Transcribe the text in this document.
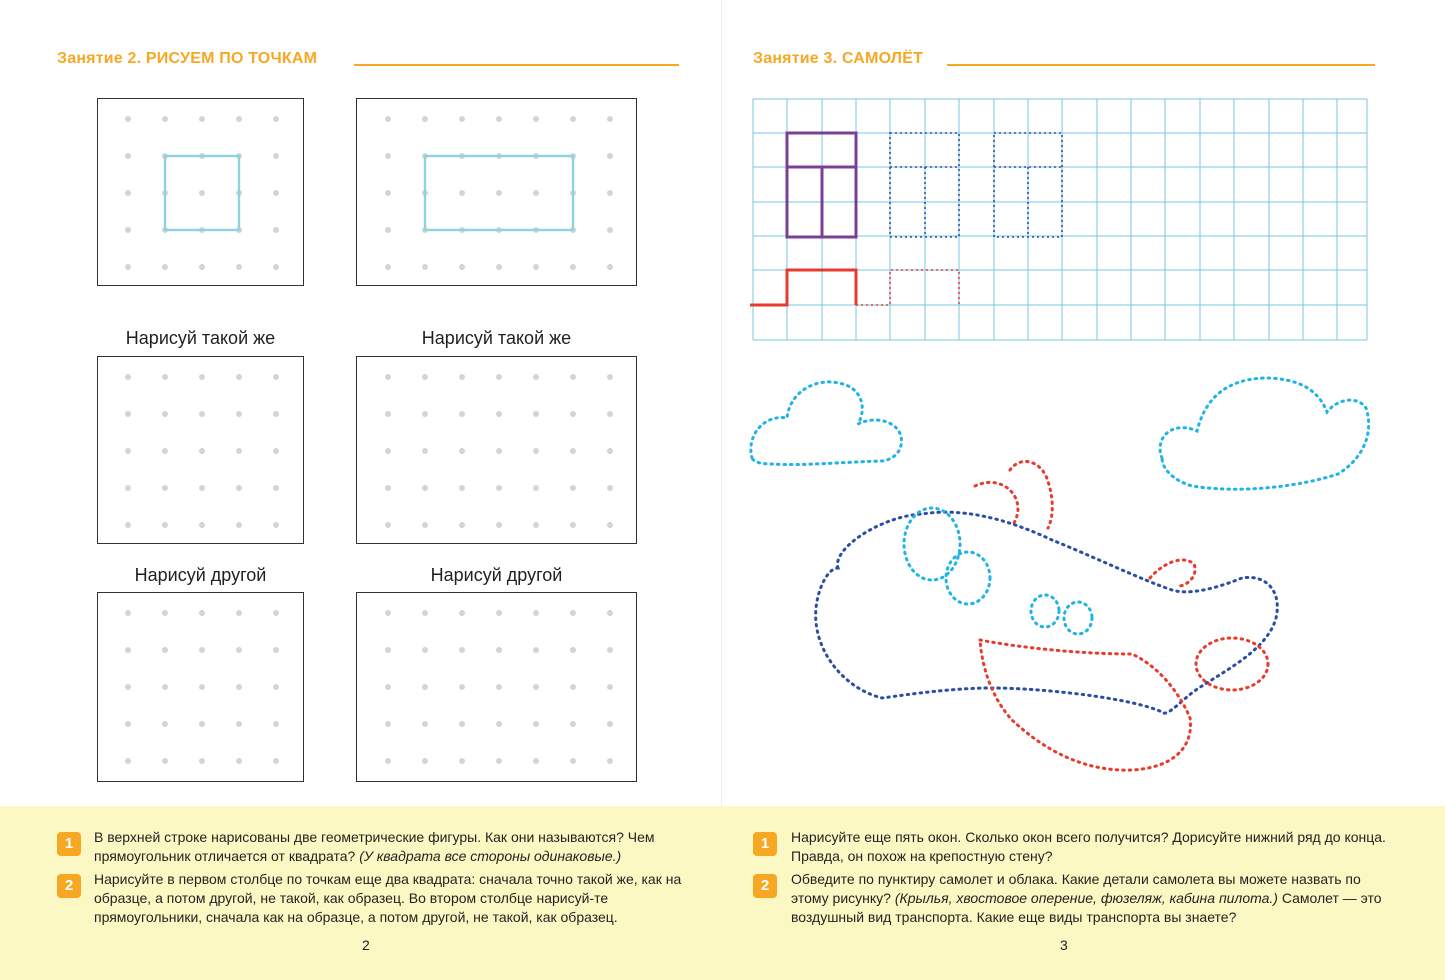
Занятие 2. РИСУЕМ ПО ТОЧКАМ
Нарисуй такой же	Нарисуй такой же
Нарисуй другой	Нарисуй другой
Занятие 3. САМОЛЁТ
1	В верхней строке нарисованы две геометрические фигуры. Как они называются? Чем прямоугольник отличается от квадрата? (У квадрата все стороны одинаковые.)
2	Нарисуйте в первом столбце по точкам еще два квадрата: сначала точно такой же, как на образце, а потом другой, не такой, как образец. Во втором столбце нарисуй-те прямоугольники, сначала как на образце, а потом другой, не такой, как образец.
1	Нарисуйте еще пять окон. Сколько окон всего получится? Дорисуйте нижний ряд до конца. Правда, он похож на крепостную стену?
2	Обведите по пунктиру самолет и облака. Какие детали самолета вы можете назвать по этому рисунку? (Крылья, хвостовое оперение, фюзеляж, кабина пилота.) Самолет — это воздушный вид транспорта. Какие еще виды транспорта вы знаете?
2	3
